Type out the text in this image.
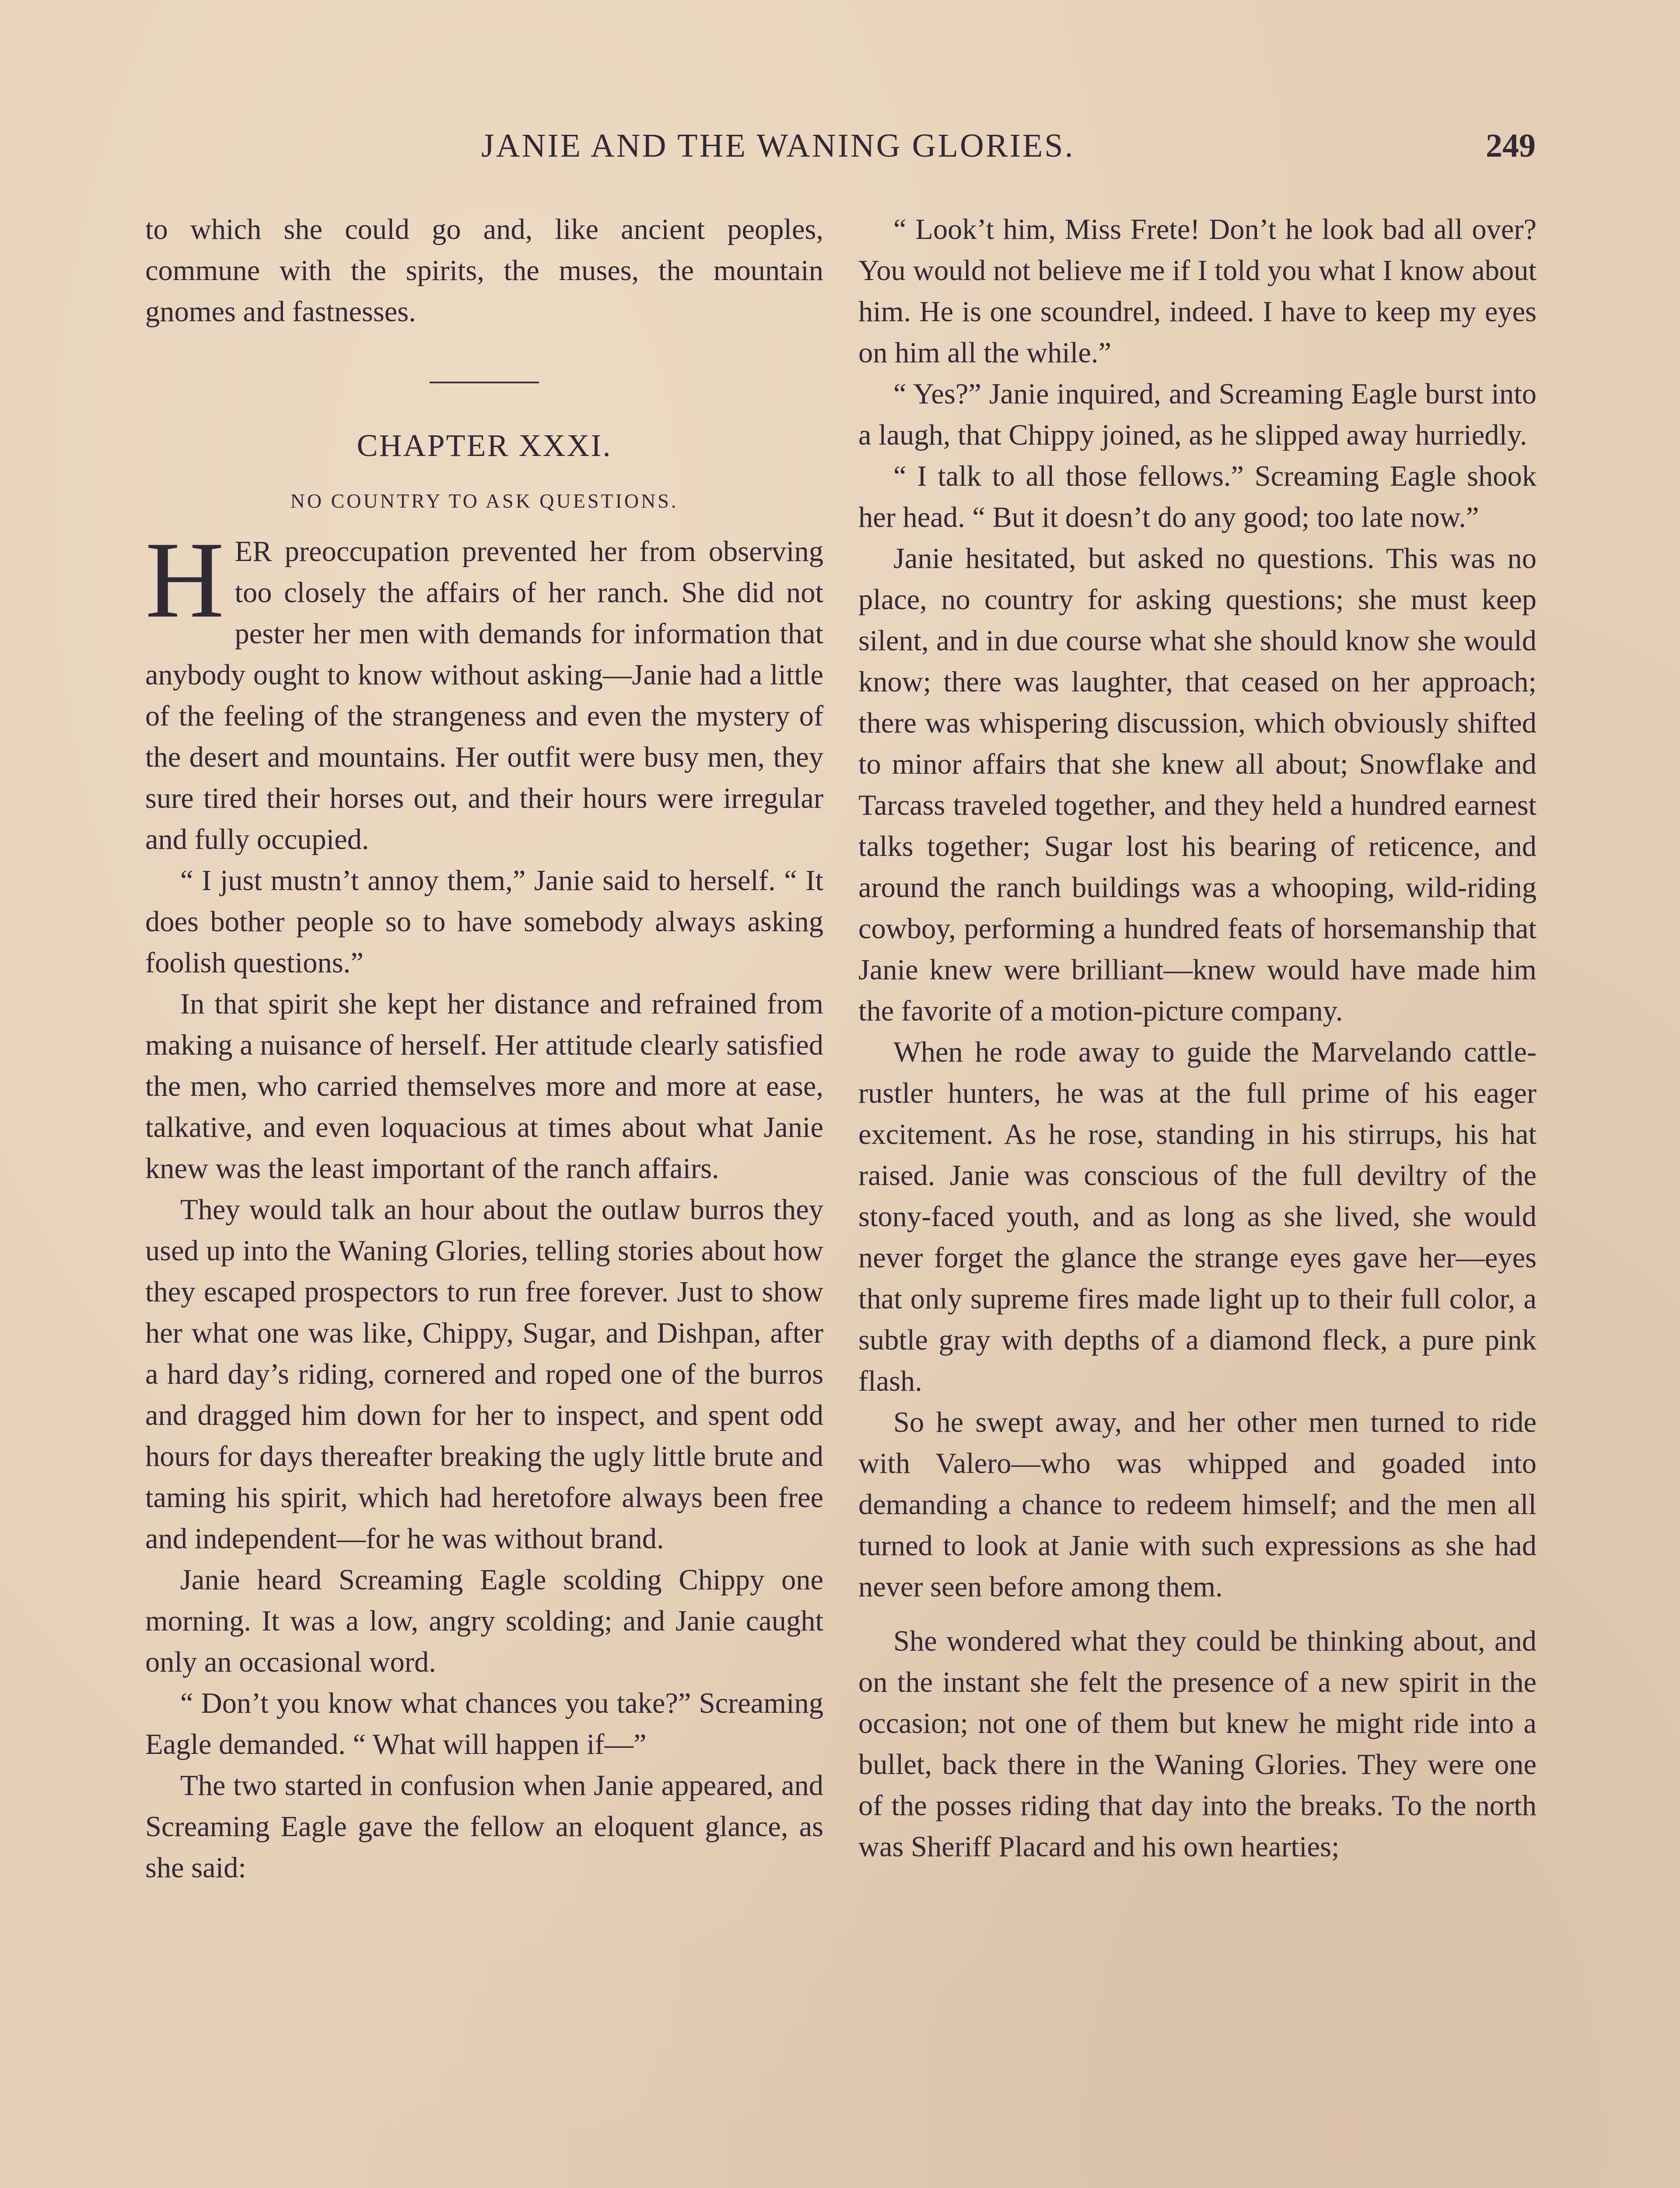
JANIE AND THE WANING GLORIES.	249

to which she could go and, like ancient peoples, commune with the spirits, the muses, the mountain gnomes and fastnesses.

CHAPTER XXXI.
NO COUNTRY TO ASK QUESTIONS.

HER preoccupation prevented her from observing too closely the affairs of her ranch. She did not pester her men with demands for information that anybody ought to know without asking—Janie had a little of the feeling of the strangeness and even the mystery of the desert and mountains. Her outfit were busy men, they sure tired their horses out, and their hours were irregular and fully occupied.

“ I just mustn’t annoy them,” Janie said to herself. “ It does bother people so to have somebody always asking foolish questions.”

In that spirit she kept her distance and refrained from making a nuisance of herself. Her attitude clearly satisfied the men, who carried themselves more and more at ease, talkative, and even loquacious at times about what Janie knew was the least important of the ranch affairs.

They would talk an hour about the outlaw burros they used up into the Waning Glories, telling stories about how they escaped prospectors to run free forever. Just to show her what one was like, Chippy, Sugar, and Dishpan, after a hard day’s riding, cornered and roped one of the burros and dragged him down for her to inspect, and spent odd hours for days thereafter breaking the ugly little brute and taming his spirit, which had heretofore always been free and independent—for he was without brand.

Janie heard Screaming Eagle scolding Chippy one morning. It was a low, angry scolding; and Janie caught only an occasional word.

“ Don’t you know what chances you take?” Screaming Eagle demanded. “ What will happen if—”

The two started in confusion when Janie appeared, and Screaming Eagle gave the fellow an eloquent glance, as she said:

“ Look’t him, Miss Frete! Don’t he look bad all over? You would not believe me if I told you what I know about him. He is one scoundrel, indeed. I have to keep my eyes on him all the while.”

“ Yes?” Janie inquired, and Screaming Eagle burst into a laugh, that Chippy joined, as he slipped away hurriedly.

“ I talk to all those fellows.” Screaming Eagle shook her head. “ But it doesn’t do any good; too late now.”

Janie hesitated, but asked no questions. This was no place, no country for asking questions; she must keep silent, and in due course what she should know she would know; there was laughter, that ceased on her approach; there was whispering discussion, which obviously shifted to minor affairs that she knew all about; Snowflake and Tarcass traveled together, and they held a hundred earnest talks together; Sugar lost his bearing of reticence, and around the ranch buildings was a whooping, wild-riding cowboy, performing a hundred feats of horsemanship that Janie knew were brilliant—knew would have made him the favorite of a motion-picture company.

When he rode away to guide the Marvelando cattle-rustler hunters, he was at the full prime of his eager excitement. As he rose, standing in his stirrups, his hat raised. Janie was conscious of the full deviltry of the stony-faced youth, and as long as she lived, she would never forget the glance the strange eyes gave her—eyes that only supreme fires made light up to their full color, a subtle gray with depths of a diamond fleck, a pure pink flash.

So he swept away, and her other men turned to ride with Valero—who was whipped and goaded into demanding a chance to redeem himself; and the men all turned to look at Janie with such expressions as she had never seen before among them.

She wondered what they could be thinking about, and on the instant she felt the presence of a new spirit in the occasion; not one of them but knew he might ride into a bullet, back there in the Waning Glories. They were one of the posses riding that day into the breaks. To the north was Sheriff Placard and his own hearties;
